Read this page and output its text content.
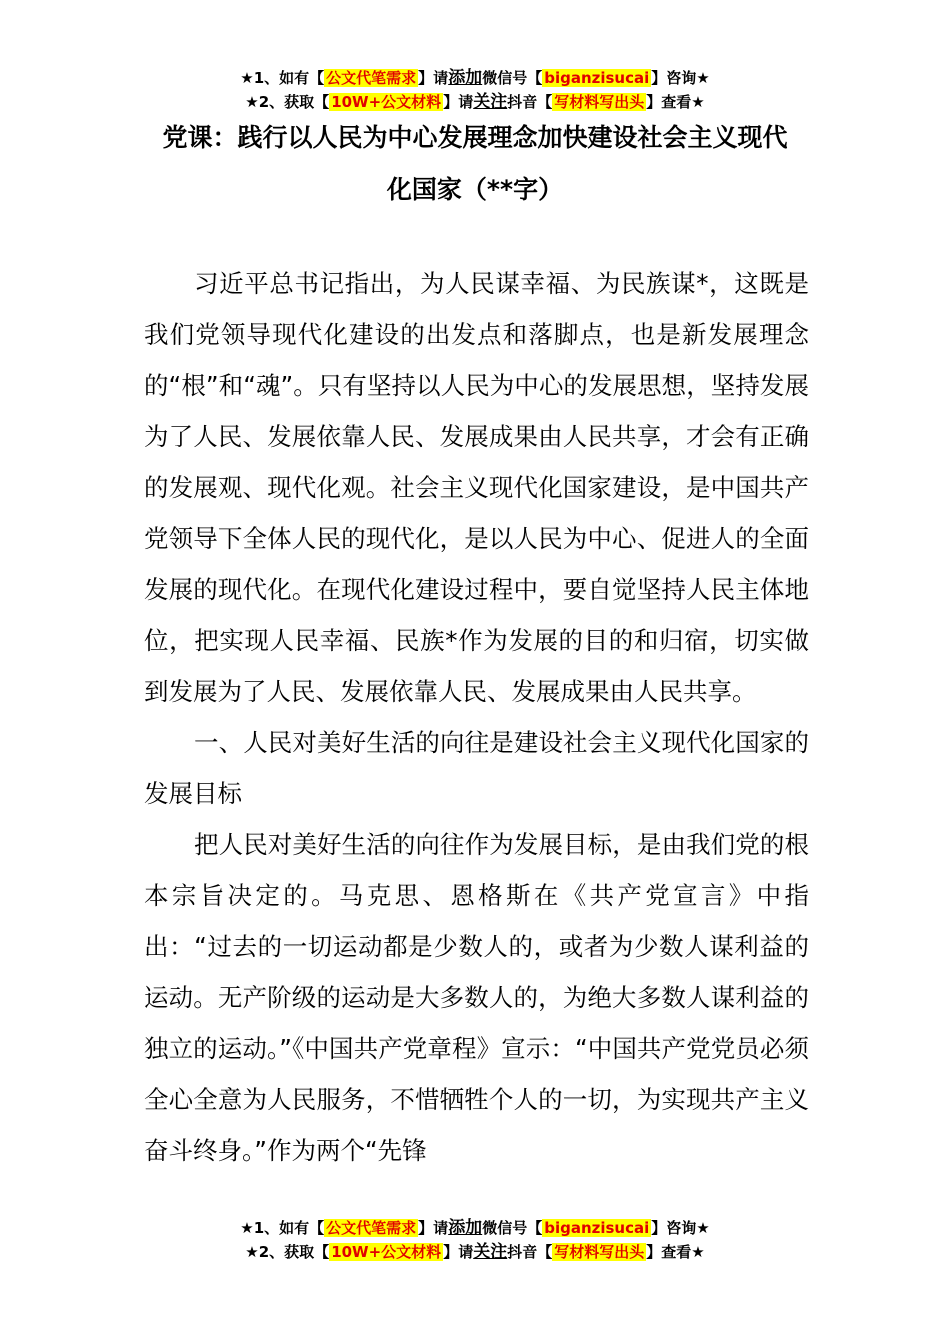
★1、如有【 公文代笔需求 】请添加微信号【 biganzisucai 】咨询★
★2、获取【 10W+公文材料 】请关注抖音【 写材料写出头 】查看★
党课：践行以人民为中心发展理念加快建设社会主义现代
化国家（**字）

习近平总书记指出，为人民谋幸福、为民族谋*，这既是我们党领导现代化建设的出发点和落脚点，也是新发展理念的“根”和“魂”。只有坚持以人民为中心的发展思想，坚持发展为了人民、发展依靠人民、发展成果由人民共享，才会有正确的发展观、现代化观。社会主义现代化国家建设，是中国共产党领导下全体人民的现代化，是以人民为中心、促进人的全面发展的现代化。在现代化建设过程中，要自觉坚持人民主体地位，把实现人民幸福、民族*作为发展的目的和归宿，切实做到发展为了人民、发展依靠人民、发展成果由人民共享。

一、人民对美好生活的向往是建设社会主义现代化国家的发展目标

把人民对美好生活的向往作为发展目标，是由我们党的根本宗旨决定的。马克思、恩格斯在《共产党宣言》中指出：“过去的一切运动都是少数人的，或者为少数人谋利益的运动。无产阶级的运动是大多数人的，为绝大多数人谋利益的独立的运动。”《中国共产党章程》宣示：“中国共产党党员必须全心全意为人民服务，不惜牺牲个人的一切，为实现共产主义奋斗终身。”作为两个“先锋

★1、如有【 公文代笔需求 】请添加微信号【 biganzisucai 】咨询★
★2、获取【 10W+公文材料 】请关注抖音【 写材料写出头 】查看★
